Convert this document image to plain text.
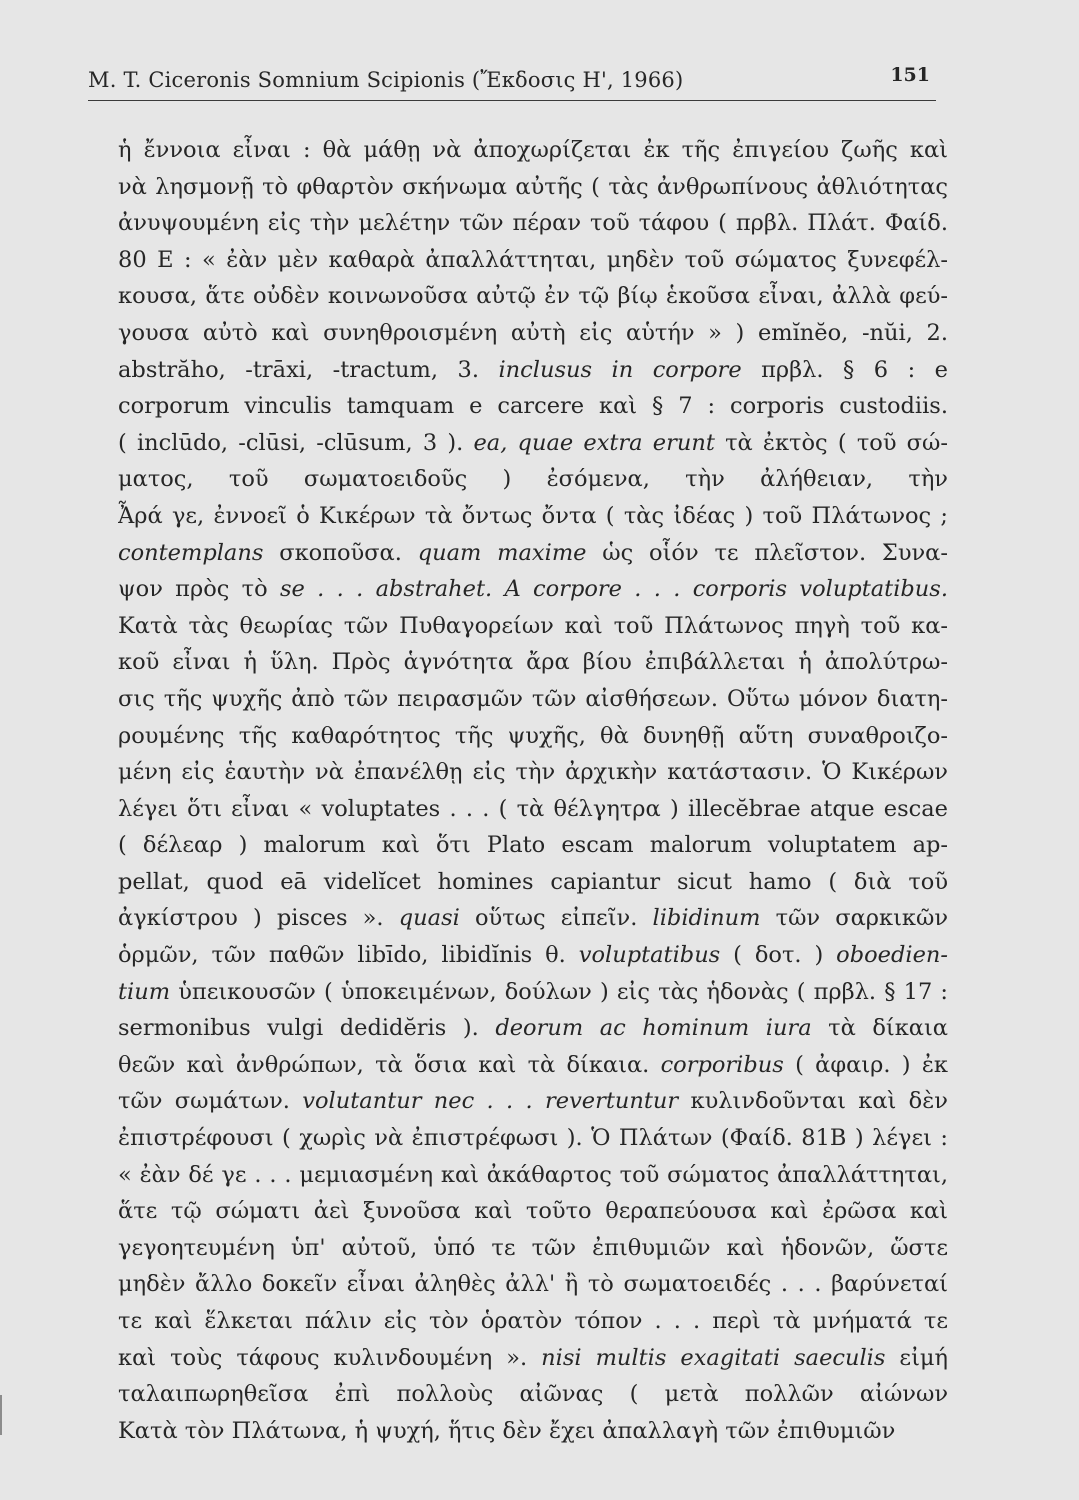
M. T. Ciceronis Somnium Scipionis (Ἔκδοσις Η', 1966)	151
ἡ ἔννοια εἶναι : θὰ μάθῃ νὰ ἀποχωρίζεται ἐκ τῆς ἐπιγείου ζωῆς καὶ
νὰ λησμονῇ τὸ φθαρτὸν σκήνωμα αὐτῆς ( τὰς ἀνθρωπίνους ἀθλιότητας
ἀνυψουμένη εἰς τὴν μελέτην τῶν πέραν τοῦ τάφου ( πρβλ. Πλάτ. Φαίδ.
80 Ε : « ἐὰν μὲν καθαρὰ ἀπαλλάττηται, μηδὲν τοῦ σώματος ξυνεφέλ-
κουσα, ἅτε οὐδὲν κοινωνοῦσα αὐτῷ ἐν τῷ βίῳ ἑκοῦσα εἶναι, ἀλλὰ φεύ-
γουσα αὐτὸ καὶ συνηθροισμένη αὐτὴ εἰς αὑτήν » ) emĭnĕo, -nŭi, 2.
abstrăho, -trāxi, -tractum, 3. inclusus in corpore πρβλ. § 6 : e
corporum vinculis tamquam e carcere καὶ § 7 : corporis custodiis.
( inclūdo, -clūsi, -clūsum, 3 ). ea, quae extra erunt τὰ ἐκτὸς ( τοῦ σώ-
ματος, τοῦ σωματοειδοῦς ) ἐσόμενα, τὴν ἀλήθειαν, τὴν
Ἆρά γε, ἐννοεῖ ὁ Κικέρων τὰ ὄντως ὄντα ( τὰς ἰδέας ) τοῦ Πλάτωνος ;
contemplans σκοποῦσα. quam maxime ὡς οἷόν τε πλεῖστον. Συνα-
ψον πρὸς τὸ se . . . abstrahet. A corpore . . . corporis voluptatibus.
Κατὰ τὰς θεωρίας τῶν Πυθαγορείων καὶ τοῦ Πλάτωνος πηγὴ τοῦ κα-
κοῦ εἶναι ἡ ὕλη. Πρὸς ἁγνότητα ἄρα βίου ἐπιβάλλεται ἡ ἀπολύτρω-
σις τῆς ψυχῆς ἀπὸ τῶν πειρασμῶν τῶν αἰσθήσεων. Οὕτω μόνον διατη-
ρουμένης τῆς καθαρότητος τῆς ψυχῆς, θὰ δυνηθῇ αὕτη συναθροιζο-
μένη εἰς ἑαυτὴν νὰ ἐπανέλθῃ εἰς τὴν ἀρχικὴν κατάστασιν. Ὁ Κικέρων
λέγει ὅτι εἶναι « voluptates . . . ( τὰ θέλγητρα ) illecĕbrae atque escae
( δέλεαρ ) malorum καὶ ὅτι Plato escam malorum voluptatem ap-
pellat, quod eā videlĭcet homines capiantur sicut hamo ( διὰ τοῦ
ἀγκίστρου ) pisces ». quasi οὕτως εἰπεῖν. libidinum τῶν σαρκικῶν
ὁρμῶν, τῶν παθῶν libīdo, libidĭnis θ. voluptatibus ( δοτ. ) oboedien-
tium ὑπεικουσῶν ( ὑποκειμένων, δούλων ) εἰς τὰς ἡδονὰς ( πρβλ. § 17 :
sermonibus vulgi dedidĕris ). deorum ac hominum iura τὰ δίκαια
θεῶν καὶ ἀνθρώπων, τὰ ὅσια καὶ τὰ δίκαια. corporibus ( ἀφαιρ. ) ἐκ
τῶν σωμάτων. volutantur nec . . . revertuntur κυλινδοῦνται καὶ δὲν
ἐπιστρέφουσι ( χωρὶς νὰ ἐπιστρέφωσι ). Ὁ Πλάτων (Φαίδ. 81Β ) λέγει :
« ἐὰν δέ γε . . . μεμιασμένη καὶ ἀκάθαρτος τοῦ σώματος ἀπαλλάττηται,
ἅτε τῷ σώματι ἀεὶ ξυνοῦσα καὶ τοῦτο θεραπεύουσα καὶ ἐρῶσα καὶ
γεγοητευμένη ὑπ' αὐτοῦ, ὑπό τε τῶν ἐπιθυμιῶν καὶ ἡδονῶν, ὥστε
μηδὲν ἄλλο δοκεῖν εἶναι ἀληθὲς ἀλλ' ἢ τὸ σωματοειδές . . . βαρύνεταί
τε καὶ ἕλκεται πάλιν εἰς τὸν ὁρατὸν τόπον . . . περὶ τὰ μνήματά τε
καὶ τοὺς τάφους κυλινδουμένη ». nisi multis exagitati saeculis εἰμή
ταλαιπωρηθεῖσα ἐπὶ πολλοὺς αἰῶνας ( μετὰ πολλῶν αἰώνων
Κατὰ τὸν Πλάτωνα, ἡ ψυχή, ἥτις δὲν ἔχει ἀπαλλαγὴ τῶν ἐπιθυμιῶν
